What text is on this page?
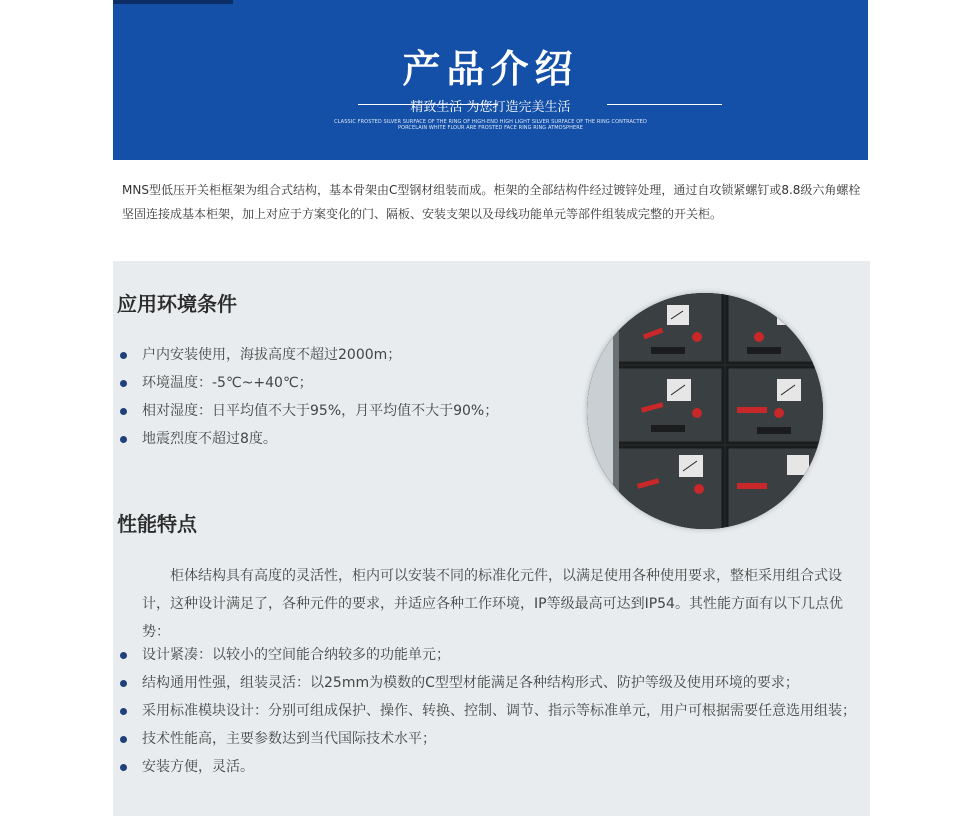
产品介绍
精致生活 为您打造完美生活
CLASSIC FROSTED SILVER SURFACE OF THE RING OF HIGH-END HIGH LIGHT SILVER SURFACE OF THE RING CONTRACTED
PORCELAIN WHITE FLOUR ARE FROSTED FACE RING RING ATMOSPHERE
MNS型低压开关柜框架为组合式结构，基本骨架由C型钢材组装而成。柜架的全部结构件经过镀锌处理，通过自攻锁紧螺钉或8.8级六角螺栓坚固连接成基本柜架，加上对应于方案变化的门、隔板、安装支架以及母线功能单元等部件组装成完整的开关柜。
应用环境条件
户内安装使用，海拔高度不超过2000m；
环境温度：-5℃~+40℃；
相对湿度：日平均值不大于95%，月平均值不大于90%；
地震烈度不超过8度。
性能特点
柜体结构具有高度的灵活性，柜内可以安装不同的标准化元件，以满足使用各种使用要求，整柜采用组合式设计，这种设计满足了，各种元件的要求，并适应各种工作环境，IP等级最高可达到IP54。其性能方面有以下几点优势：
设计紧凑：以较小的空间能合纳较多的功能单元；
结构通用性强，组装灵活：以25mm为模数的C型型材能满足各种结构形式、防护等级及使用环境的要求；
采用标准模块设计：分别可组成保护、操作、转换、控制、调节、指示等标准单元，用户可根据需要任意选用组装；
技术性能高，主要参数达到当代国际技术水平；
安装方便，灵活。
